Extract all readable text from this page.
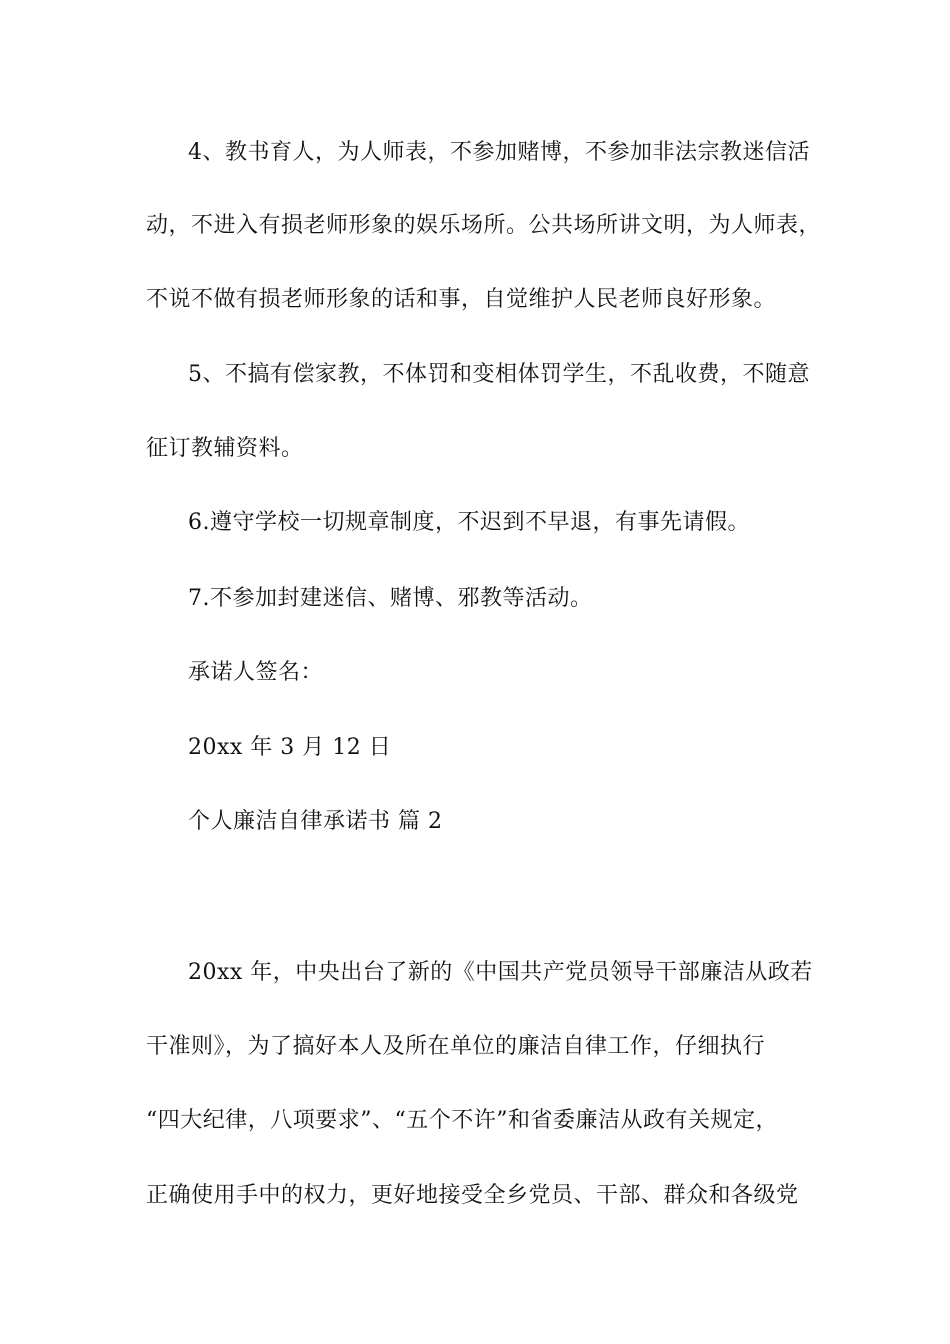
4、教书育人，为人师表，不参加赌博，不参加非法宗教迷信活
动，不进入有损老师形象的娱乐场所。公共场所讲文明，为人师表，
不说不做有损老师形象的话和事，自觉维护人民老师良好形象。
5、不搞有偿家教，不体罚和变相体罚学生，不乱收费，不随意
征订教辅资料。
6.遵守学校一切规章制度，不迟到不早退，有事先请假。
7.不参加封建迷信、赌博、邪教等活动。
承诺人签名：
20xx 年 3 月 12 日
个人廉洁自律承诺书 篇 2
20xx 年，中央出台了新的《中国共产党员领导干部廉洁从政若
干准则》，为了搞好本人及所在单位的廉洁自律工作，仔细执行
“四大纪律，八项要求”、“五个不许”和省委廉洁从政有关规定，
正确使用手中的权力，更好地接受全乡党员、干部、群众和各级党
